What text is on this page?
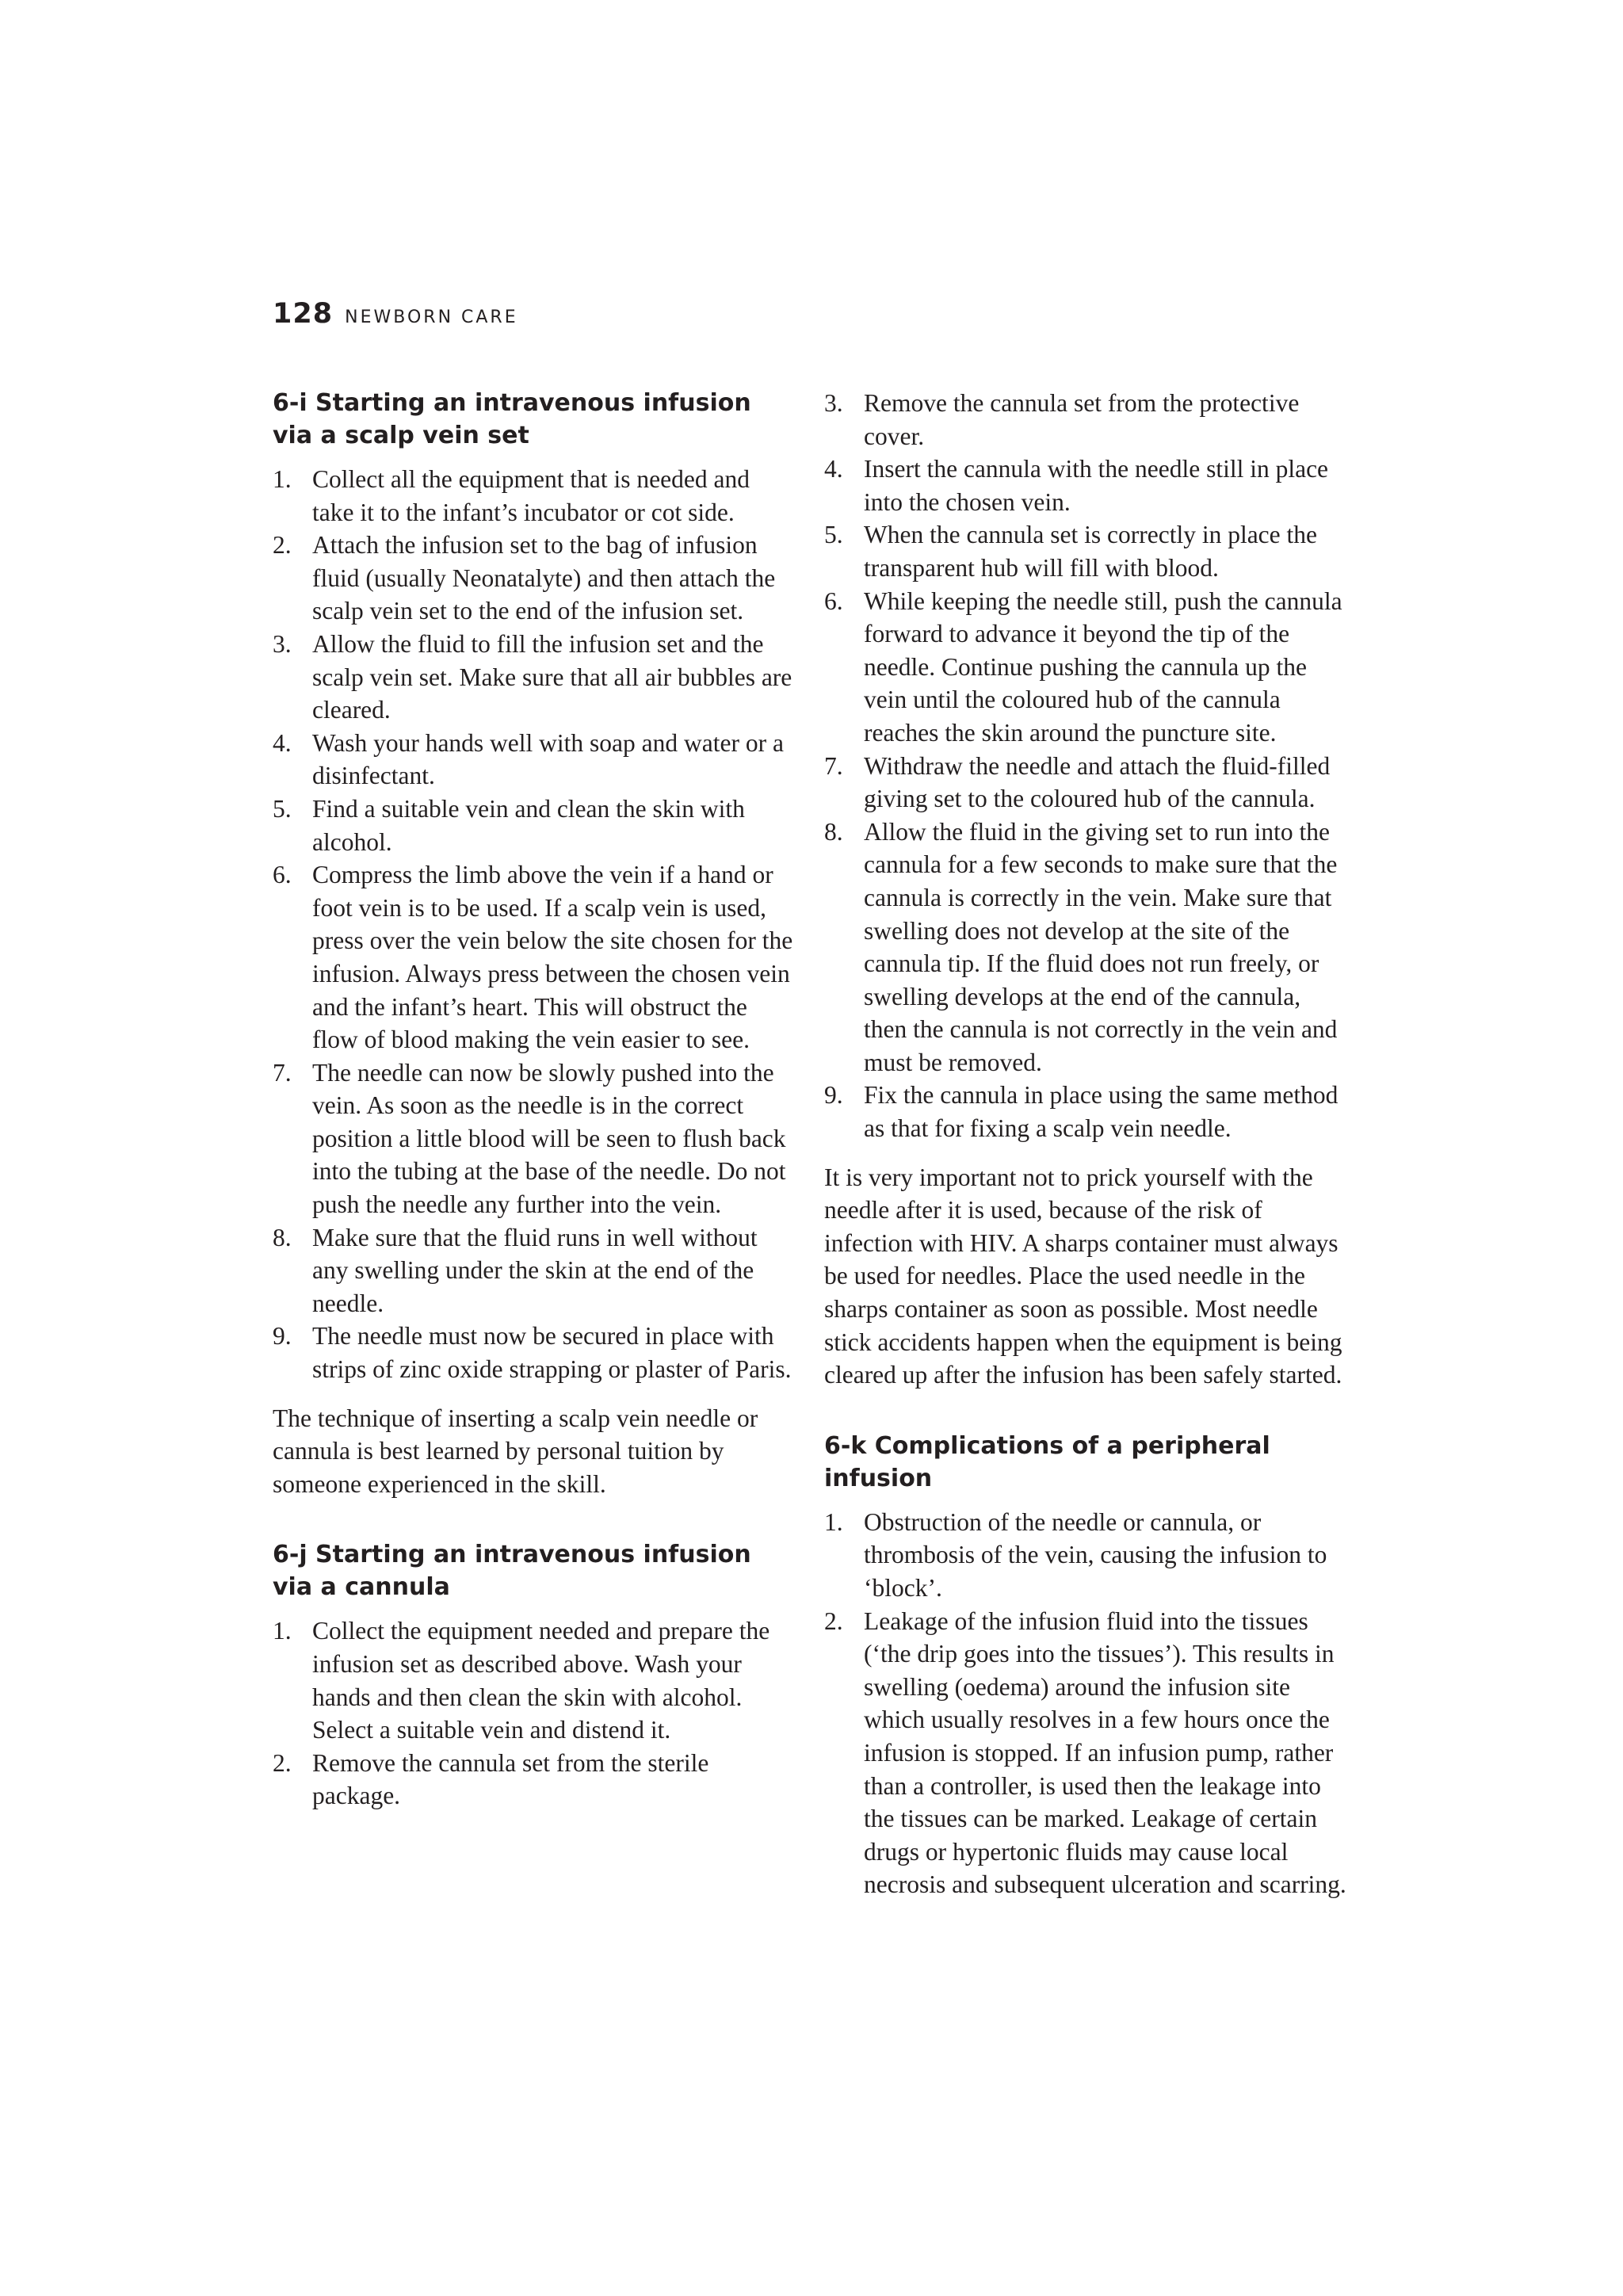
128 NEWBORN CARE
6-i Starting an intravenous infusion via a scalp vein set
1. Collect all the equipment that is needed and take it to the infant’s incubator or cot side.
2. Attach the infusion set to the bag of infusion fluid (usually Neonatalyte) and then attach the scalp vein set to the end of the infusion set.
3. Allow the fluid to fill the infusion set and the scalp vein set. Make sure that all air bubbles are cleared.
4. Wash your hands well with soap and water or a disinfectant.
5. Find a suitable vein and clean the skin with alcohol.
6. Compress the limb above the vein if a hand or foot vein is to be used. If a scalp vein is used, press over the vein below the site chosen for the infusion. Always press between the chosen vein and the infant’s heart. This will obstruct the flow of blood making the vein easier to see.
7. The needle can now be slowly pushed into the vein. As soon as the needle is in the correct position a little blood will be seen to flush back into the tubing at the base of the needle. Do not push the needle any further into the vein.
8. Make sure that the fluid runs in well without any swelling under the skin at the end of the needle.
9. The needle must now be secured in place with strips of zinc oxide strapping or plaster of Paris.

The technique of inserting a scalp vein needle or cannula is best learned by personal tuition by someone experienced in the skill.

6-j Starting an intravenous infusion via a cannula
1. Collect the equipment needed and prepare the infusion set as described above. Wash your hands and then clean the skin with alcohol. Select a suitable vein and distend it.
2. Remove the cannula set from the sterile package.
3. Remove the cannula set from the protective cover.
4. Insert the cannula with the needle still in place into the chosen vein.
5. When the cannula set is correctly in place the transparent hub will fill with blood.
6. While keeping the needle still, push the cannula forward to advance it beyond the tip of the needle. Continue pushing the cannula up the vein until the coloured hub of the cannula reaches the skin around the puncture site.
7. Withdraw the needle and attach the fluid-filled giving set to the coloured hub of the cannula.
8. Allow the fluid in the giving set to run into the cannula for a few seconds to make sure that the cannula is correctly in the vein. Make sure that swelling does not develop at the site of the cannula tip. If the fluid does not run freely, or swelling develops at the end of the cannula, then the cannula is not correctly in the vein and must be removed.
9. Fix the cannula in place using the same method as that for fixing a scalp vein needle.

It is very important not to prick yourself with the needle after it is used, because of the risk of infection with HIV. A sharps container must always be used for needles. Place the used needle in the sharps container as soon as possible. Most needle stick accidents happen when the equipment is being cleared up after the infusion has been safely started.

6-k Complications of a peripheral infusion
1. Obstruction of the needle or cannula, or thrombosis of the vein, causing the infusion to ‘block’.
2. Leakage of the infusion fluid into the tissues (‘the drip goes into the tissues’). This results in swelling (oedema) around the infusion site which usually resolves in a few hours once the infusion is stopped. If an infusion pump, rather than a controller, is used then the leakage into the tissues can be marked. Leakage of certain drugs or hypertonic fluids may cause local necrosis and subsequent ulceration and scarring.
